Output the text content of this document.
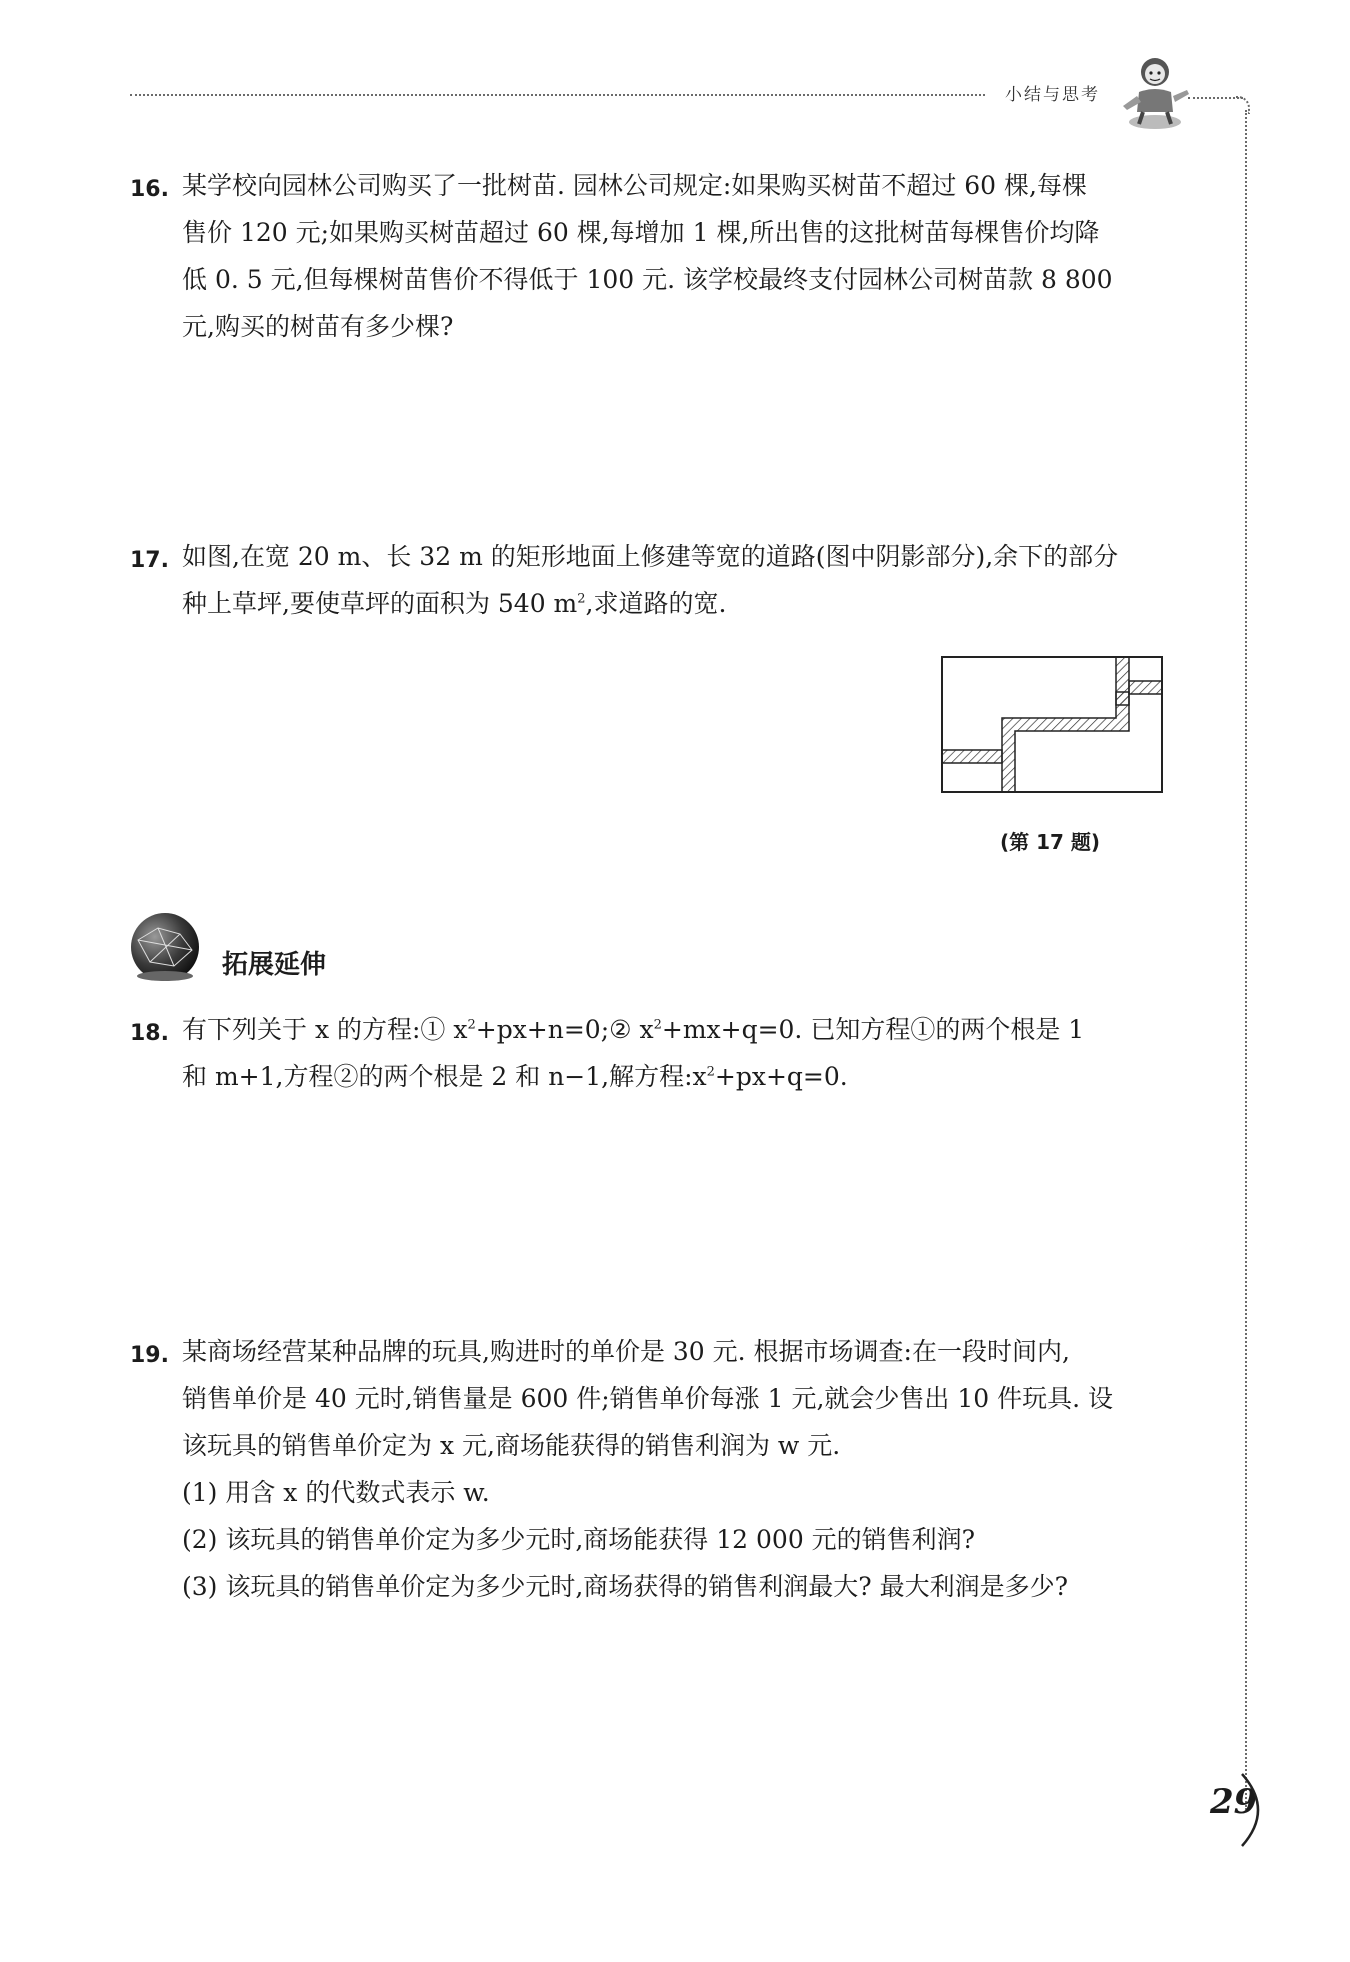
小结与思考
16. 某学校向园林公司购买了一批树苗. 园林公司规定:如果购买树苗不超过 60 棵,每棵

售价 120 元;如果购买树苗超过 60 棵,每增加 1 棵,所出售的这批树苗每棵售价均降

低 0. 5 元,但每棵树苗售价不得低于 100 元. 该学校最终支付园林公司树苗款 8 800

元,购买的树苗有多少棵?

17. 如图,在宽 20 m、长 32 m 的矩形地面上修建等宽的道路(图中阴影部分),余下的部分

种上草坪,要使草坪的面积为 540 $m^2$,求道路的宽.

(第 17 题)
拓展延伸
18. 有下列关于 x 的方程:① $x^2+px+n=0;②$ $x^2+mx+q=0$. 已知方程①的两个根是 1

和 m+1,方程②的两个根是 2 和 n−1,解方程$:x^2+px+q=0$.

19. 某商场经营某种品牌的玩具,购进时的单价是 30 元. 根据市场调查:在一段时间内,

销售单价是 40 元时,销售量是 600 件;销售单价每涨 1 元,就会少售出 10 件玩具. 设

该玩具的销售单价定为 x 元,商场能获得的销售利润为 w 元.

(1) 用含 x 的代数式表示 w.

(2) 该玩具的销售单价定为多少元时,商场能获得 12 000 元的销售利润?

(3) 该玩具的销售单价定为多少元时,商场获得的销售利润最大? 最大利润是多少?

29
